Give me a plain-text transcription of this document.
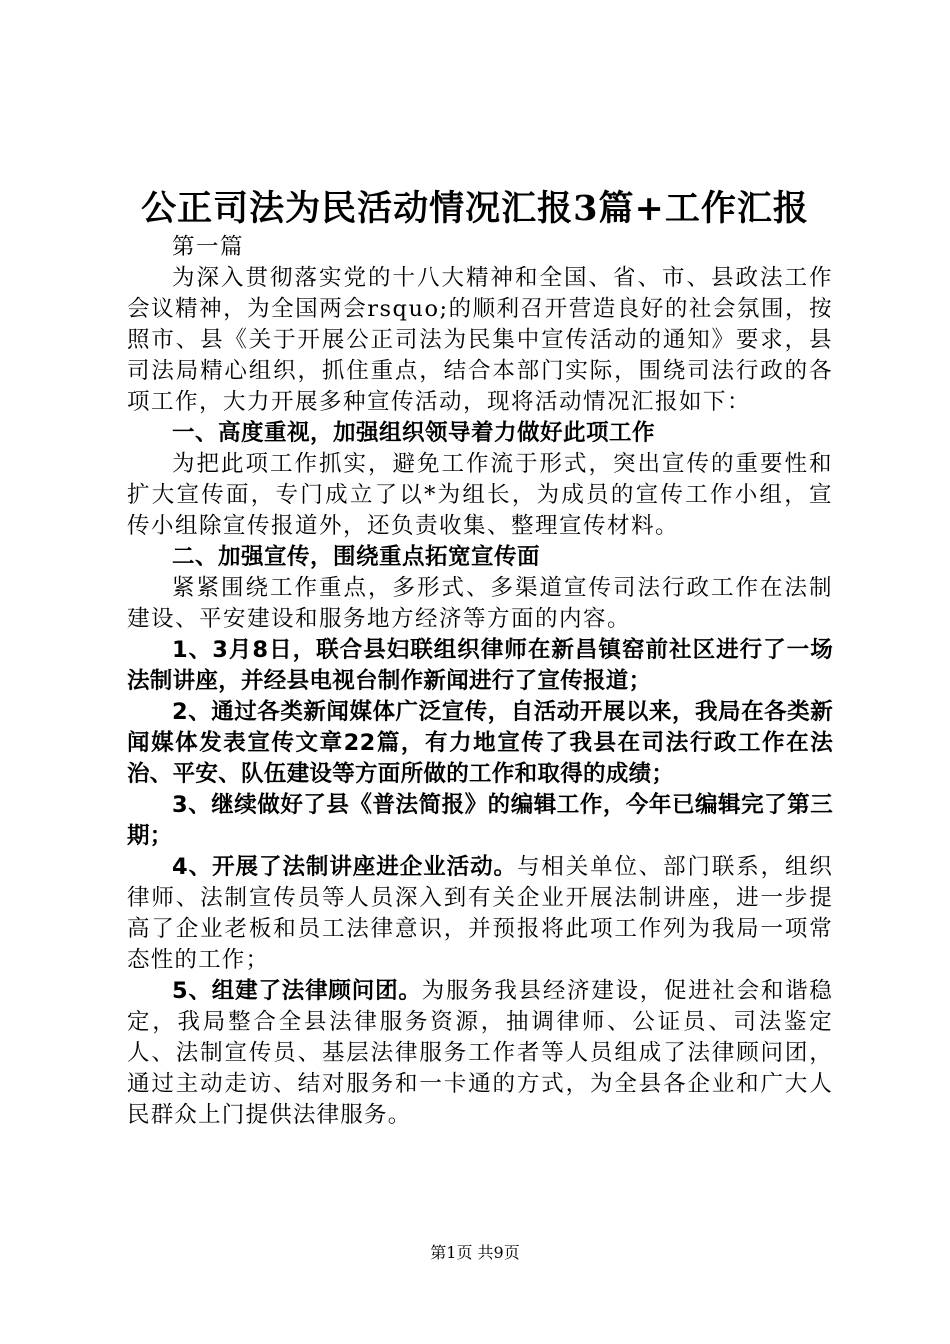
公正司法为民活动情况汇报3篇+工作汇报

第一篇

为深入贯彻落实党的十八大精神和全国、省、市、县政法工作会议精神，为全国两会rsquo;的顺利召开营造良好的社会氛围，按照市、县《关于开展公正司法为民集中宣传活动的通知》要求，县司法局精心组织，抓住重点，结合本部门实际，围绕司法行政的各项工作，大力开展多种宣传活动，现将活动情况汇报如下：

一、高度重视，加强组织领导着力做好此项工作

为把此项工作抓实，避免工作流于形式，突出宣传的重要性和扩大宣传面，专门成立了以*为组长，为成员的宣传工作小组，宣传小组除宣传报道外，还负责收集、整理宣传材料。

二、加强宣传，围绕重点拓宽宣传面

紧紧围绕工作重点，多形式、多渠道宣传司法行政工作在法制建设、平安建设和服务地方经济等方面的内容。

1、3月8日，联合县妇联组织律师在新昌镇窑前社区进行了一场法制讲座，并经县电视台制作新闻进行了宣传报道；

2、通过各类新闻媒体广泛宣传，自活动开展以来，我局在各类新闻媒体发表宣传文章22篇，有力地宣传了我县在司法行政工作在法治、平安、队伍建设等方面所做的工作和取得的成绩；

3、继续做好了县《普法简报》的编辑工作，今年已编辑完了第三期；

4、开展了法制讲座进企业活动。与相关单位、部门联系，组织律师、法制宣传员等人员深入到有关企业开展法制讲座，进一步提高了企业老板和员工法律意识，并预报将此项工作列为我局一项常态性的工作；

5、组建了法律顾问团。为服务我县经济建设，促进社会和谐稳定，我局整合全县法律服务资源，抽调律师、公证员、司法鉴定人、法制宣传员、基层法律服务工作者等人员组成了法律顾问团，通过主动走访、结对服务和一卡通的方式，为全县各企业和广大人民群众上门提供法律服务。

第1页 共9页
